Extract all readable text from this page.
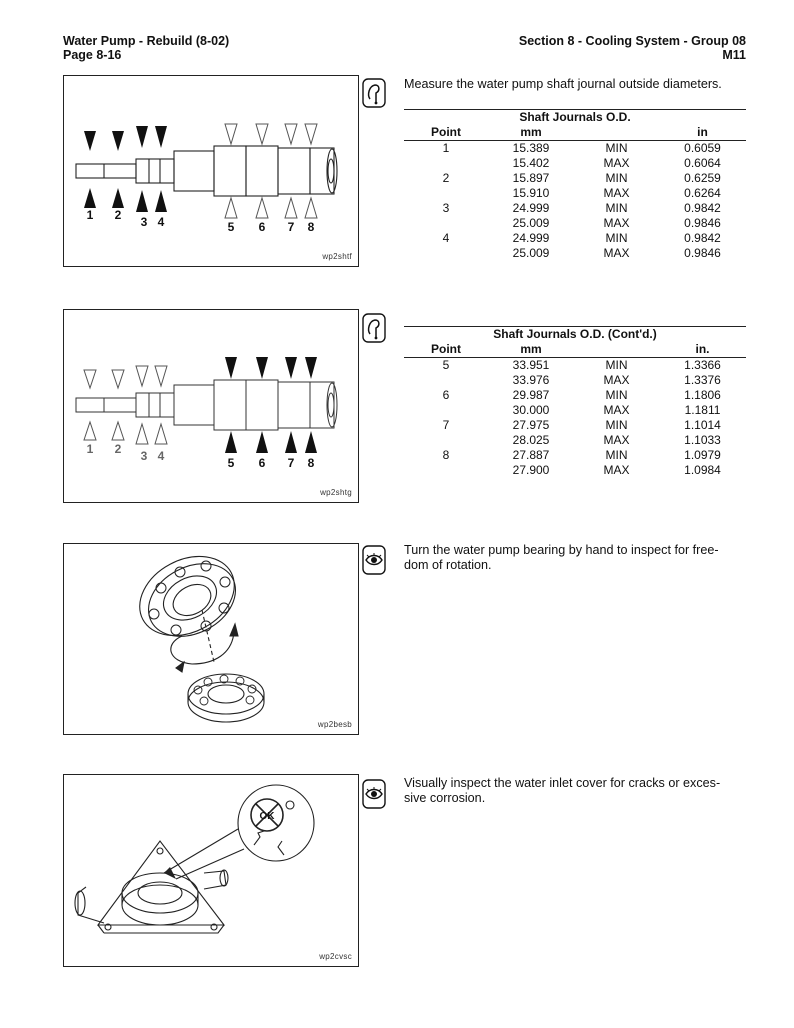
Water Pump - Rebuild (8-02)
Page 8-16
Section 8 - Cooling System - Group 08
M11
1 2 3 4	5 6 7 8
wp2shtf
Measure the water pump shaft journal outside diameters.
Shaft Journals O.D.			
Point	mm		in
1	15.389	MIN	0.6059
	15.402	MAX	0.6064
2	15.897	MIN	0.6259
	15.910	MAX	0.6264
3	24.999	MIN	0.9842
	25.009	MAX	0.9846
4	24.999	MIN	0.9842
	25.009	MAX	0.9846
1 2 3 4	5 6 7 8
wp2shtg
Shaft Journals O.D. (Cont'd.)			
Point	mm		in.
5	33.951	MIN	1.3366
	33.976	MAX	1.3376
6	29.987	MIN	1.1806
	30.000	MAX	1.1811
7	27.975	MIN	1.1014
	28.025	MAX	1.1033
8	27.887	MIN	1.0979
	27.900	MAX	1.0984
wp2besb
Turn the water pump bearing by hand to inspect for free-
dom of rotation.
OK
wp2cvsc
Visually inspect the water inlet cover for cracks or exces-
sive corrosion.
